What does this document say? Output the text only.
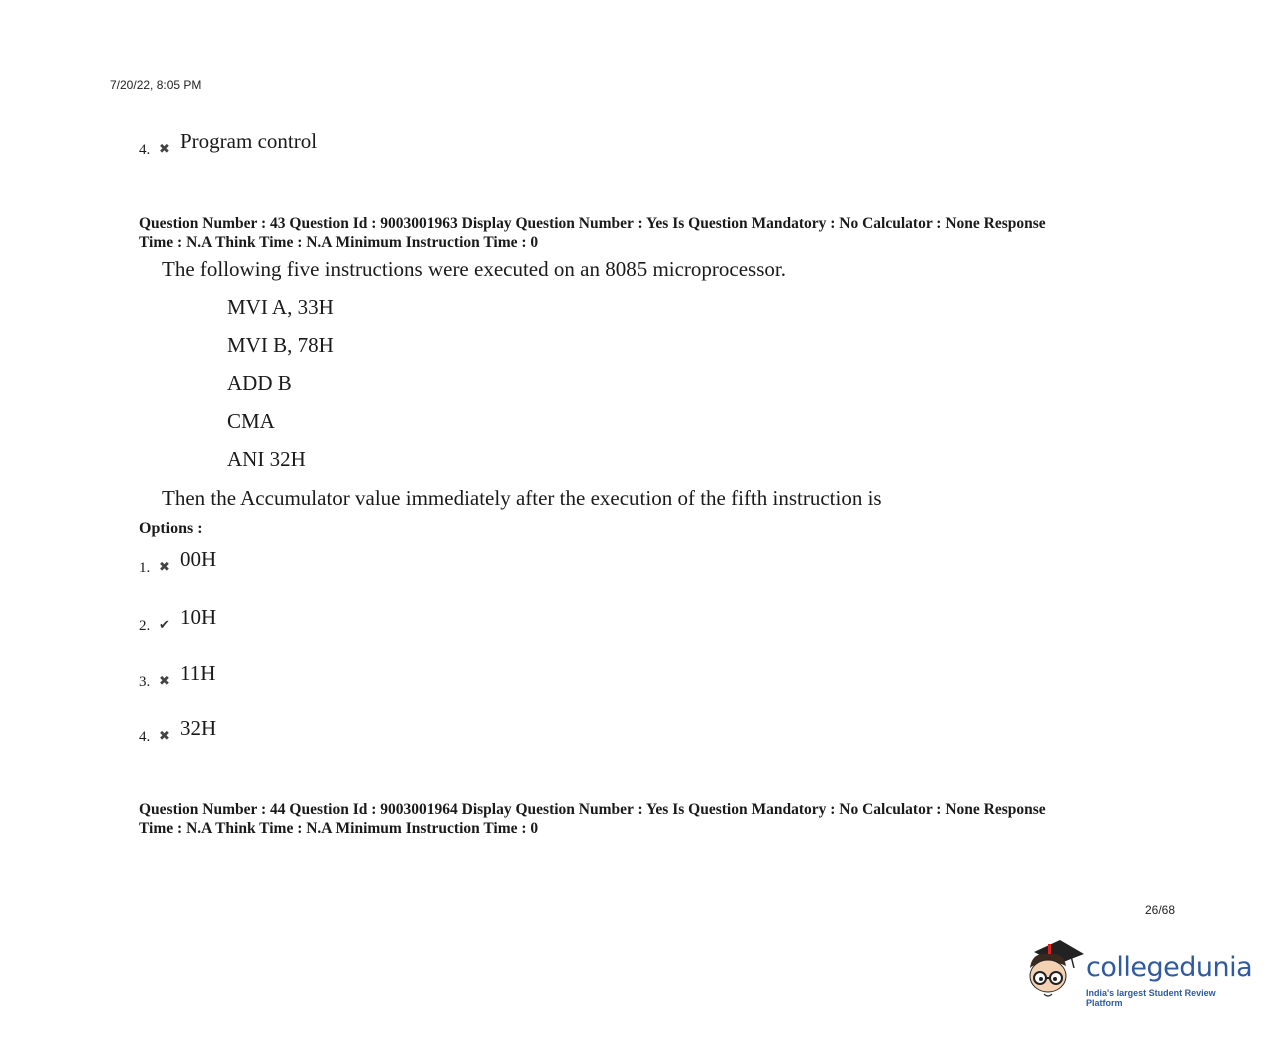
7/20/22, 8:05 PM
4. ✖ Program control
Question Number : 43 Question Id : 9003001963 Display Question Number : Yes Is Question Mandatory : No Calculator : None Response
Time : N.A Think Time : N.A Minimum Instruction Time : 0
The following five instructions were executed on an 8085 microprocessor.
MVI A, 33H
MVI B, 78H
ADD B
CMA
ANI 32H
Then the Accumulator value immediately after the execution of the fifth instruction is
Options :
1. ✖ 00H
2. ✔ 10H
3. ✖ 11H
4. ✖ 32H
Question Number : 44 Question Id : 9003001964 Display Question Number : Yes Is Question Mandatory : No Calculator : None Response
Time : N.A Think Time : N.A Minimum Instruction Time : 0
26/68
collegedunia
India's largest Student Review Platform
